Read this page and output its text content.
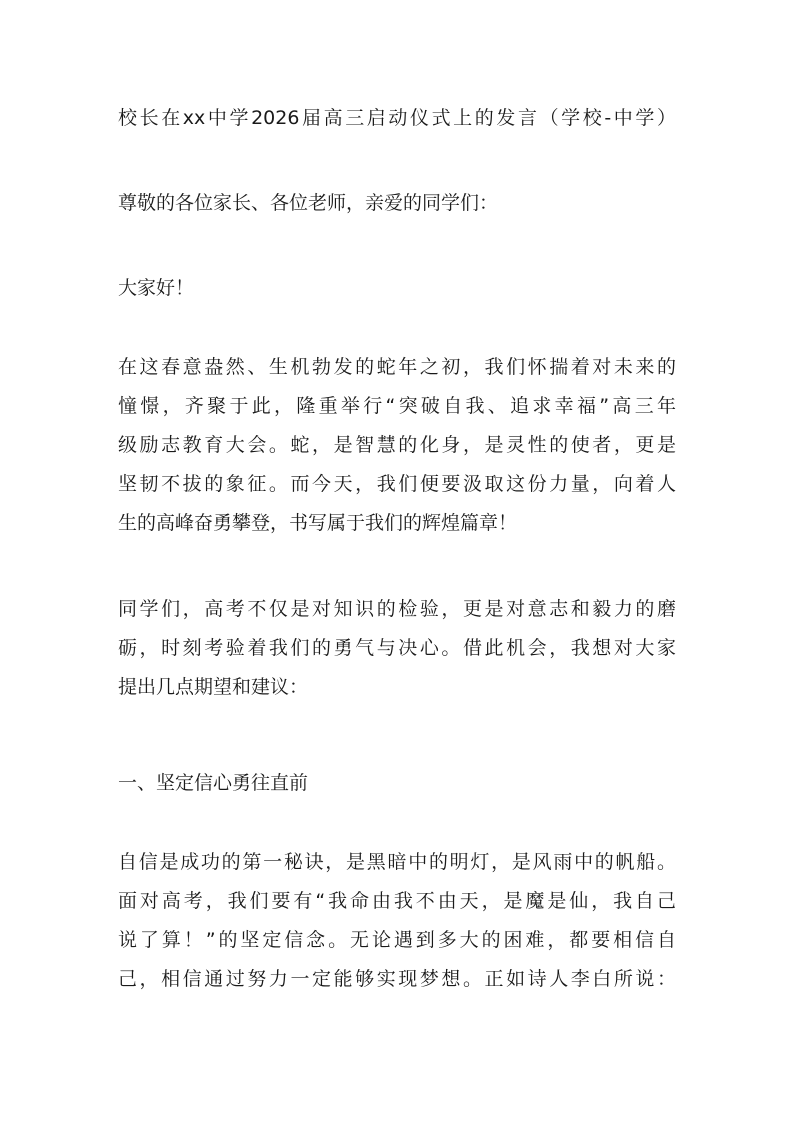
校长在xx中学2026届高三启动仪式上的发言（学校-中学）
尊敬的各位家长、各位老师，亲爱的同学们：
大家好！
在这春意盎然、生机勃发的蛇年之初，我们怀揣着对未来的
憧憬，齐聚于此，隆重举行“突破自我、追求幸福”高三年
级励志教育大会。蛇，是智慧的化身，是灵性的使者，更是
坚韧不拔的象征。而今天，我们便要汲取这份力量，向着人
生的高峰奋勇攀登，书写属于我们的辉煌篇章！
同学们，高考不仅是对知识的检验，更是对意志和毅力的磨
砺，时刻考验着我们的勇气与决心。借此机会，我想对大家
提出几点期望和建议：
一、坚定信心勇往直前
自信是成功的第一秘诀，是黑暗中的明灯，是风雨中的帆船。
面对高考，我们要有“我命由我不由天，是魔是仙，我自己
说了算！”的坚定信念。无论遇到多大的困难，都要相信自
己，相信通过努力一定能够实现梦想。正如诗人李白所说：
